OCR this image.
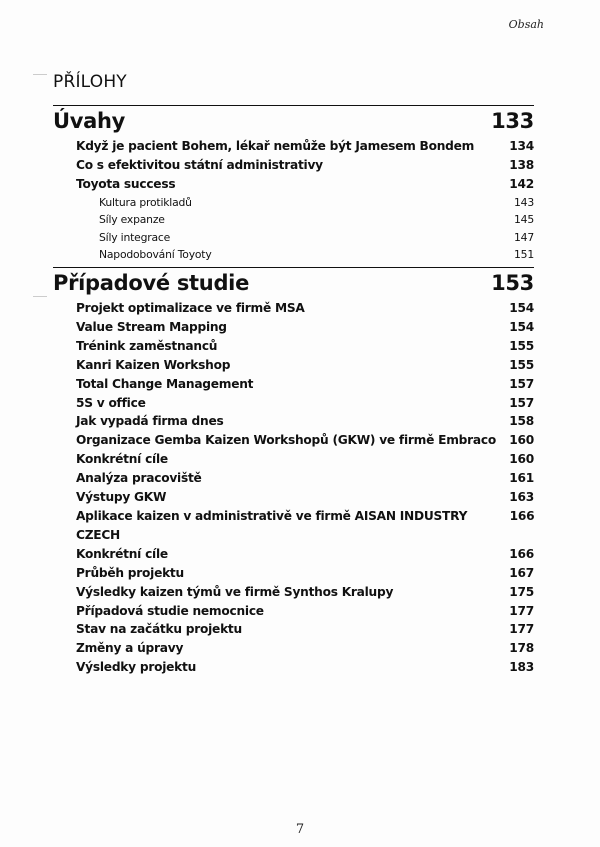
Obsah
PŘÍLOHY
Úvahy	133
Když je pacient Bohem, lékař nemůže být Jamesem Bondem	134
Co s efektivitou státní administrativy	138
Toyota success	142
Kultura protikladů	143
Síly expanze	145
Síly integrace	147
Napodobování Toyoty	151
Případové studie	153
Projekt optimalizace ve firmě MSA	154
Value Stream Mapping	154
Trénink zaměstnanců	155
Kanri Kaizen Workshop	155
Total Change Management	157
5S v office	157
Jak vypadá firma dnes	158
Organizace Gemba Kaizen Workshopů (GKW) ve firmě Embraco 160
Konkrétní cíle	160
Analýza pracoviště	161
Výstupy GKW	163
Aplikace kaizen v administrativě ve firmě AISAN INDUSTRY CZECH
166
Konkrétní cíle	166
Průběh projektu	167
Výsledky kaizen týmů ve firmě Synthos Kralupy	175
Případová studie nemocnice	177
Stav na začátku projektu	177
Změny a úpravy	178
Výsledky projektu	183
7
